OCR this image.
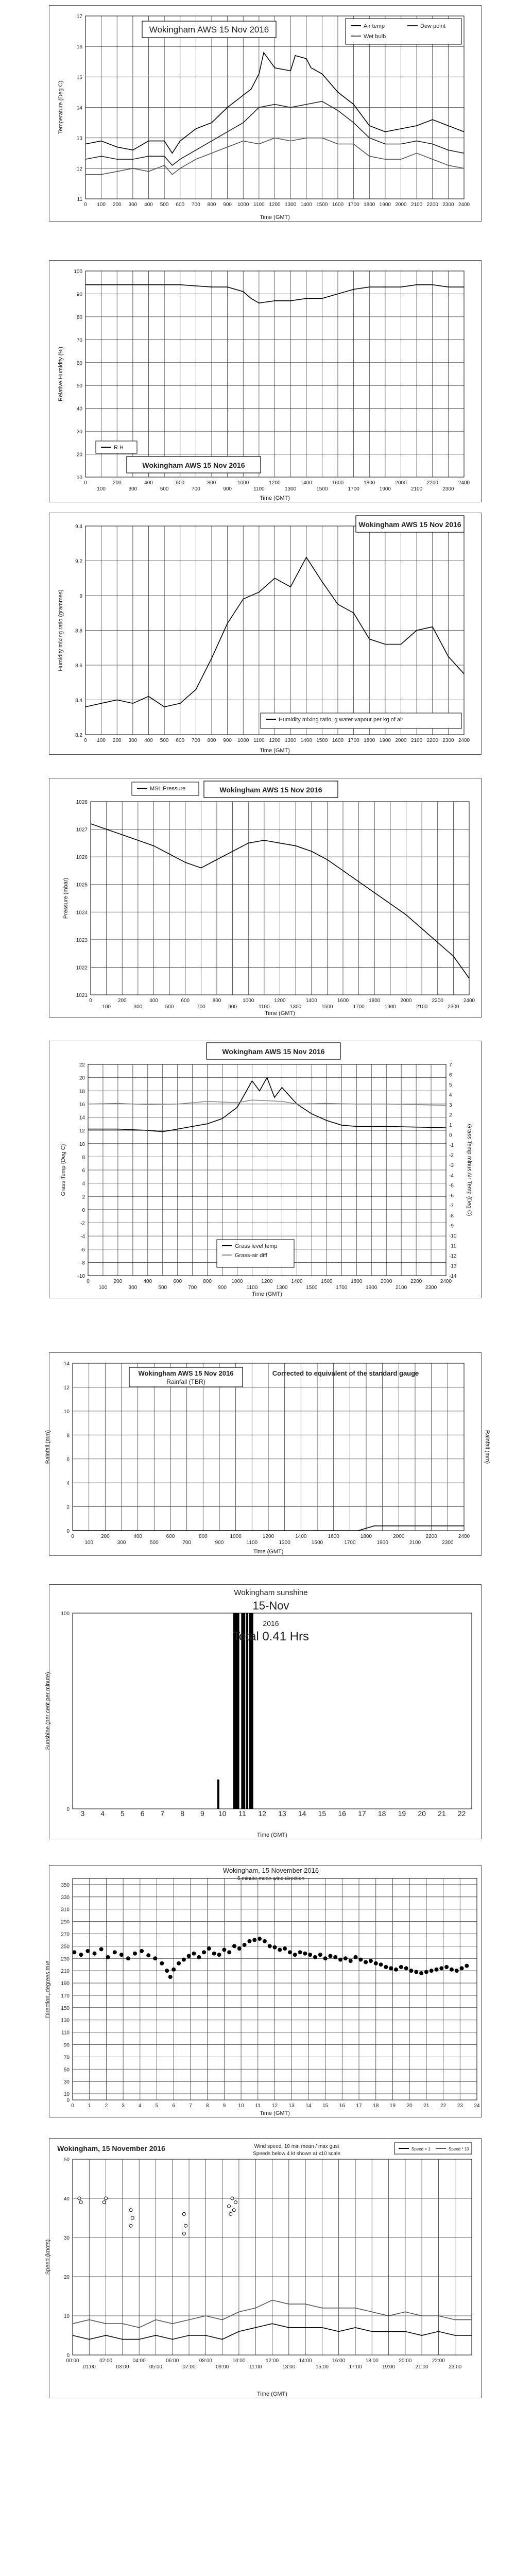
11
12
13
14
15
16
17
0 100 200 300 400 500 600 700 800 900 1000 1100 1200 1300 1400 1500 1600 1700 1800 1900 2000 2100 2200 2300 2400
Time (GMT)
Temperature (Deg C)
Wokingham AWS 15 Nov 2016	Air temp	Dew point
Wet bulb
10
20
30
40
50
60
70
80
90
100
0
100
200
300
400
500
600
700
800
900
1000
1100
1200
1300
1400
1500
1600
1700
1800
1900
2000
2100
2200
2300
2400
Time (GMT)
Relative Humidity (%)
Wokingham AWS 15 Nov 2016
R.H
8.2
8.4
8.6
8.8
9
9.2
9.4
0 100 200 300 400 500 600 700 800 900 1000 1100 1200 1300 1400 1500 1600 1700 1800 1900 2000 2100 2200 2300 2400
Time (GMT)
Humidity mixing ratio (grammes)
Wokingham AWS 15 Nov 2016
Humidity mixing ratio, g water vapour per kg of air
1021
1022
1023
1024
1025
1026
1027
1028
0
100
200
300
400
500
600
700
800
900
1000
1100
1200
1300
1400
1500
1600
1700
1800
1900
2000
2100
2200
2300
2400
Time (GMT)
Pressure (mbar)
Wokingham AWS 15 Nov 2016
MSL Pressure
-10
-8
-6
-4
-2
0
2
4
6
8
10
12
14
16
18
20
22
-14
-13
-12
-11
-10
-9
-8
-7
-6
-5
-4
-3
-2
-1
0
1
2
3
4
5
6
7
0
100
200
300
400
500
600
700
800
900
1000
1100
1200
1300
1400
1500
1600
1700
1800
1900
2000
2100
2200
2300
2400
Time (GMT)
Grass Temp (Deg C)	Grass Temp minus Air Temp (Deg C)
Wokingham AWS 15 Nov 2016
Grass level temp
Grass-air diff
0
2
4
6
8
10
12
14
0
100
200
300
400
500
600
700
800
900
1000
1100
1200
1300
1400
1500
1600
1700
1800
1900
2000
2100
2200
2300
2400
Time (GMT)
Rainfall (mm)	Rainfall (mm)
Wokingham AWS 15 Nov 2016
Rainfall (TBR)
Corrected to equivalent of the standard gauge
0
100
3 4 5 6 7 8 9 10 11 12 13 14 15 16 17 18 19 20 21 22
Time (GMT)
Sunshine (per cent per minute)
Wokingham sunshine
15-Nov
2016
Total 0.41 Hrs
0
10
30
50
70
90
110
130
150
170
190
210
230
250
270
290
310
330
350
0	1	2	3	4	5	6	7	8	9 10 11 12 13 14 15 16 17 18 19 20 21 22 23 24
Time (GMT)
Direction, degrees true
Wokingham, 15 November 2016
5 minute mean wind direction
0
10
20
30
40
50
00:00
01:00
02:00
03:00
04:00
05:00
06:00
07:00
08:00
09:00
10:00
11:00
12:00
13:00
14:00
15:00
16:00
17:00
18:00
19:00
20:00
21:00
22:00
23:00
Time (GMT)
Speed (knots)
Wokingham, 15 November 2016	Wind speed, 10 min mean / max gust
Speeds below 4 kt shown at x10 scale
Speed < 1	Speed * 10
